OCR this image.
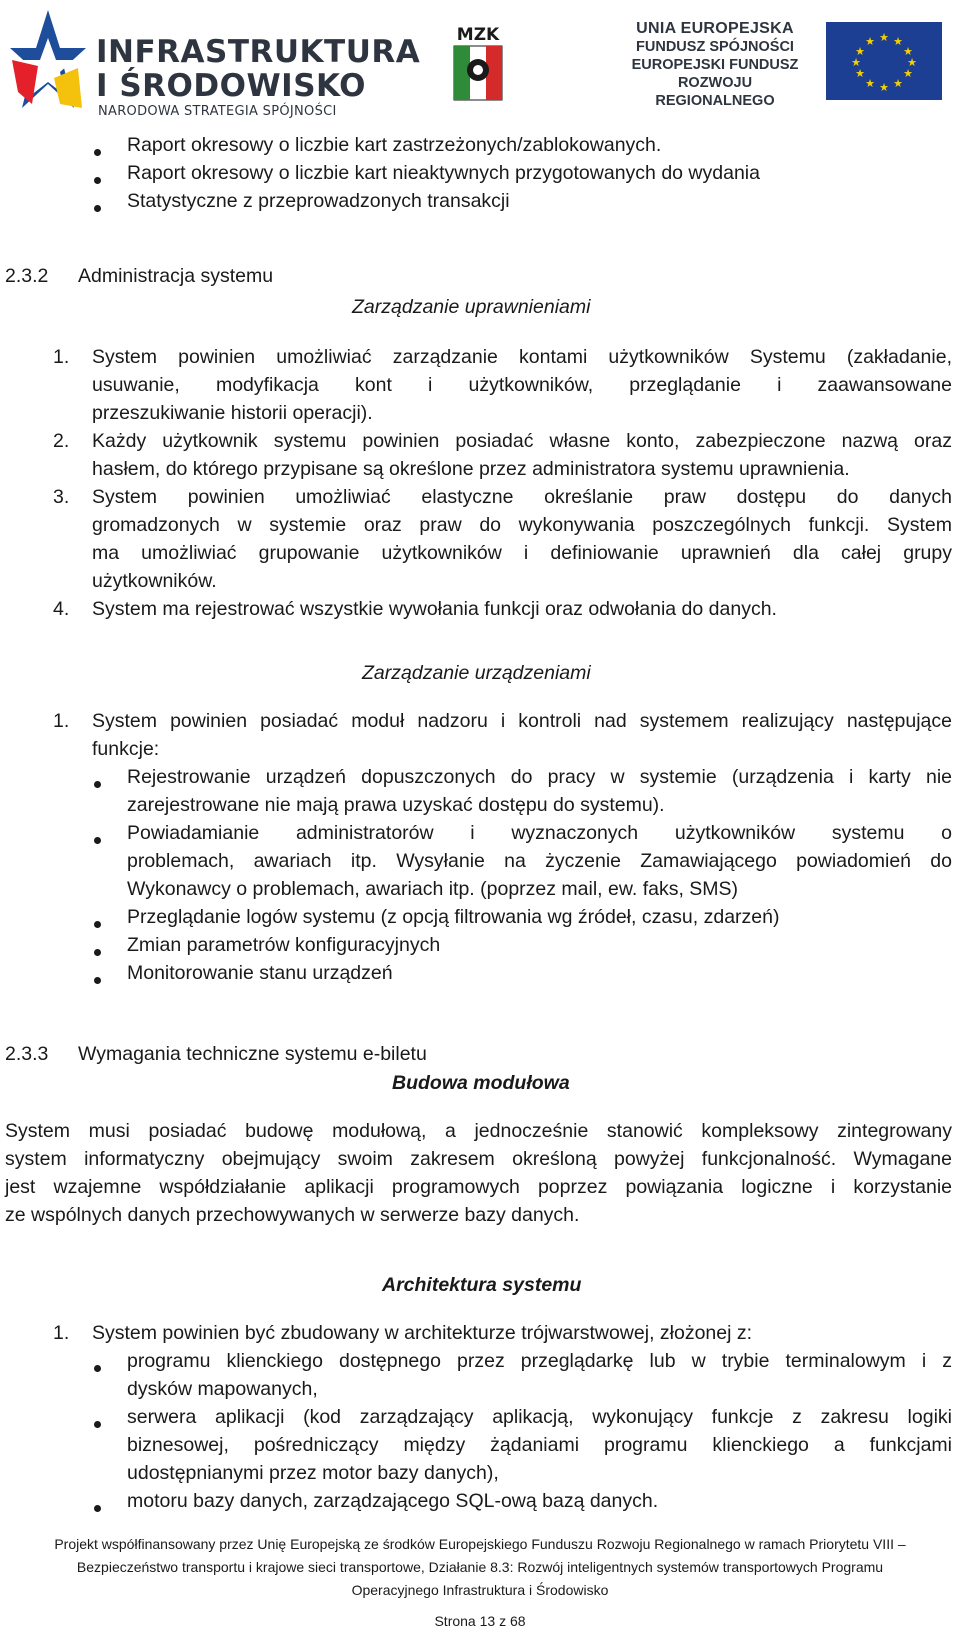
INFRASTRUKTURA
I ŚRODOWISKO
NARODOWA STRATEGIA SPÓJNOŚCI
MZK	UNIA EUROPEJSKA
FUNDUSZ SPÓJNOŚCI
EUROPEJSKI FUNDUSZ
ROZWOJU REGIONALNEGO
★ ★
★
★
★
★
★
★
★
★
★
★
Raport okresowy o liczbie kart zastrzeżonych/zablokowanych.
Raport okresowy o liczbie kart nieaktywnych przygotowanych do wydania
Statystyczne z przeprowadzonych transakcji
2.3.2 Administracja systemu
Zarządzanie uprawnieniami
1. System powinien umożliwiać zarządzanie kontami użytkowników Systemu (zakładanie,
usuwanie, modyfikacja kont i użytkowników, przeglądanie i zaawansowane
przeszukiwanie historii operacji).
2. Każdy użytkownik systemu powinien posiadać własne konto, zabezpieczone nazwą oraz
hasłem, do którego przypisane są określone przez administratora systemu uprawnienia.
3. System powinien umożliwiać elastyczne określanie praw dostępu do danych
gromadzonych w systemie oraz praw do wykonywania poszczególnych funkcji. System
ma umożliwiać grupowanie użytkowników i definiowanie uprawnień dla całej grupy
użytkowników.
4. System ma rejestrować wszystkie wywołania funkcji oraz odwołania do danych.
Zarządzanie urządzeniami
1. System powinien posiadać moduł nadzoru i kontroli nad systemem realizujący następujące
funkcje:
Rejestrowanie urządzeń dopuszczonych do pracy w systemie (urządzenia i karty nie
zarejestrowane nie mają prawa uzyskać dostępu do systemu).
Powiadamianie administratorów i wyznaczonych użytkowników systemu o
problemach, awariach itp. Wysyłanie na życzenie Zamawiającego powiadomień do
Wykonawcy o problemach, awariach itp. (poprzez mail, ew. faks, SMS)
Przeglądanie logów systemu (z opcją filtrowania wg źródeł, czasu, zdarzeń)
Zmian parametrów konfiguracyjnych
Monitorowanie stanu urządzeń
2.3.3 Wymagania techniczne systemu e-biletu
Budowa modułowa
System musi posiadać budowę modułową, a jednocześnie stanowić kompleksowy zintegrowany
system informatyczny obejmujący swoim zakresem określoną powyżej funkcjonalność. Wymagane
jest wzajemne współdziałanie aplikacji programowych poprzez powiązania logiczne i korzystanie
ze wspólnych danych przechowywanych w serwerze bazy danych.
Architektura systemu
1. System powinien być zbudowany w architekturze trójwarstwowej, złożonej z:
programu klienckiego dostępnego przez przeglądarkę lub w trybie terminalowym i z
dysków mapowanych,
serwera aplikacji (kod zarządzający aplikacją, wykonujący funkcje z zakresu logiki
biznesowej, pośredniczący między żądaniami programu klienckiego a funkcjami
udostępnianymi przez motor bazy danych),
motoru bazy danych, zarządzającego SQL-ową bazą danych.
Projekt współfinansowany przez Unię Europejską ze środków Europejskiego Funduszu Rozwoju Regionalnego w ramach Priorytetu VIII –
Bezpieczeństwo transportu i krajowe sieci transportowe, Działanie 8.3: Rozwój inteligentnych systemów transportowych Programu
Operacyjnego Infrastruktura i Środowisko
Strona 13 z 68
